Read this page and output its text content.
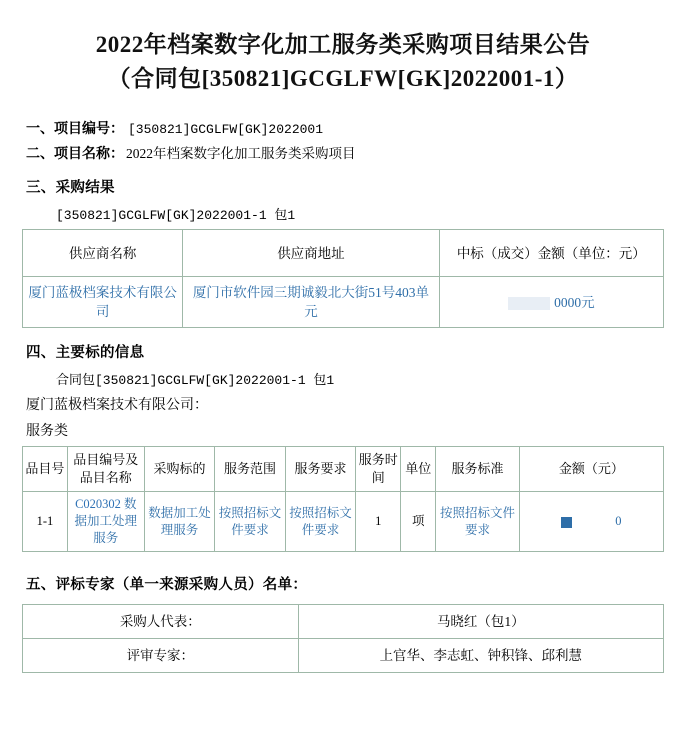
2022年档案数字化加工服务类采购项目结果公告
（合同包[350821]GCGLFW[GK]2022001-1）
一、项目编号： [350821]GCGLFW[GK]2022001
二、项目名称： 2022年档案数字化加工服务类采购项目
三、采购结果
[350821]GCGLFW[GK]2022001-1 包1
供应商名称	供应商地址	中标（成交）金额（单位：元）
厦门蓝极档案技术有限公司	厦门市软件园三期诚毅北大街51号403单元	0000元
四、主要标的信息
合同包[350821]GCGLFW[GK]2022001-1 包1
厦门蓝极档案技术有限公司：
服务类
品目号	品目编号及品目名称	采购标的	服务范围	服务要求	服务时间	单位	服务标准	金额（元）
1-1	C020302 数据加工处理服务	数据加工处理服务	按照招标文件要求	按照招标文件要求	1	项	按照招标文件要求	0
五、评标专家（单一来源采购人员）名单：
采购人代表：	马晓红（包1）
评审专家：	上官华、李志虹、钟积锋、邱利慧
